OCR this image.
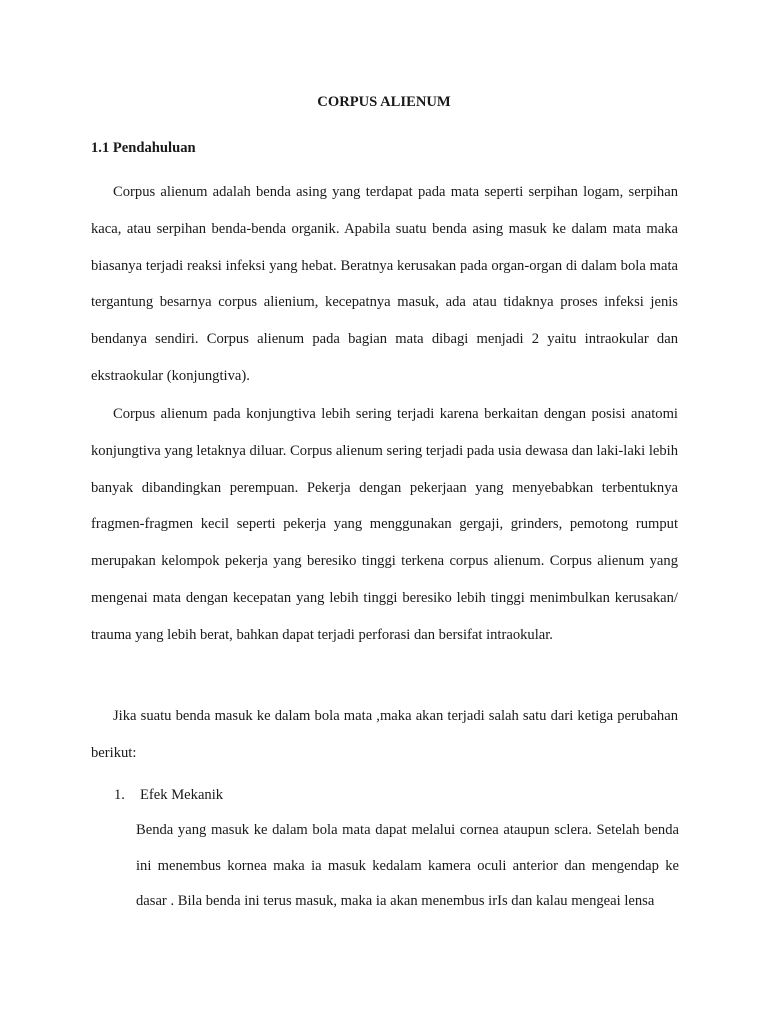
CORPUS ALIENUM
1.1 Pendahuluan

Corpus alienum adalah benda asing yang terdapat pada mata seperti serpihan logam, serpihan kaca, atau serpihan benda-benda organik. Apabila suatu benda asing masuk ke dalam mata maka biasanya terjadi reaksi infeksi yang hebat. Beratnya kerusakan pada organ-organ di dalam bola mata tergantung besarnya corpus alienium, kecepatnya masuk, ada atau tidaknya proses infeksi jenis bendanya sendiri. Corpus alienum pada bagian mata dibagi menjadi 2 yaitu intraokular dan ekstraokular (konjungtiva).

Corpus alienum pada konjungtiva lebih sering terjadi karena berkaitan dengan posisi anatomi konjungtiva yang letaknya diluar. Corpus alienum sering terjadi pada usia dewasa dan laki-laki lebih banyak dibandingkan perempuan. Pekerja dengan pekerjaan yang menyebabkan terbentuknya fragmen-fragmen kecil seperti pekerja yang menggunakan gergaji, grinders, pemotong rumput merupakan kelompok pekerja yang beresiko tinggi terkena corpus alienum. Corpus alienum yang mengenai mata dengan kecepatan yang lebih tinggi beresiko lebih tinggi menimbulkan kerusakan/ trauma yang lebih berat, bahkan dapat terjadi perforasi dan bersifat intraokular.

Jika suatu benda masuk ke dalam bola mata ,maka akan terjadi salah satu dari ketiga perubahan berikut:

1. Efek Mekanik

Benda yang masuk ke dalam bola mata dapat melalui cornea ataupun sclera. Setelah benda ini menembus kornea maka ia masuk kedalam kamera oculi anterior dan mengendap ke dasar . Bila benda ini terus masuk, maka ia akan menembus irIs dan kalau mengeai lensa
